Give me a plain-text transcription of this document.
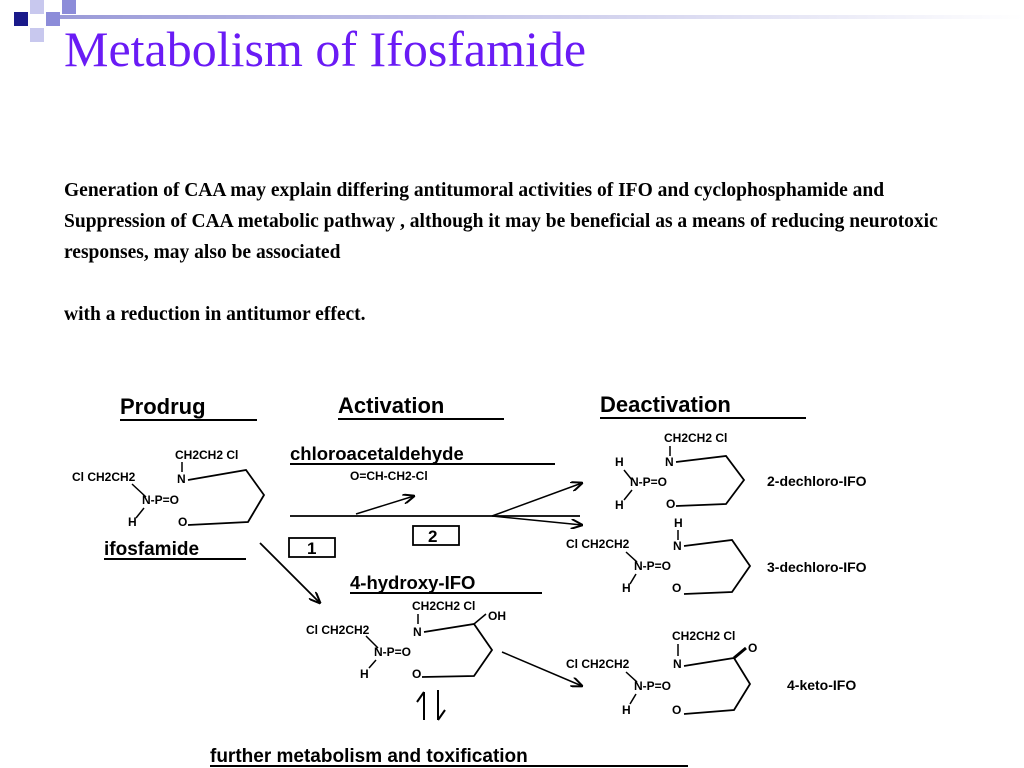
Metabolism of Ifosfamide

Generation of CAA may explain differing antitumoral activities of IFO and cyclophosphamide and Suppression of CAA metabolic pathway , although it may be beneficial as a means of reducing neurotoxic responses, may also be associated

with a reduction in antitumor effect.

Prodrug	Activation	Deactivation
CH2CH2 Cl
N
Cl CH2CH2
N-P=O
H	O
ifosfamide
chloroacetaldehyde
O=CH-CH2-Cl
1
2
4-hydroxy-IFO
CH2CH2 Cl
N
OH
Cl CH2CH2
N-P=O
H	O
further metabolism and toxification
CH2CH2 Cl
N
H
N-P=O
H	O
2-dechloro-IFO
H
N
Cl CH2CH2
N-P=O
H	O
3-dechloro-IFO
CH2CH2 Cl
N
O
Cl CH2CH2
N-P=O
H	O
4-keto-IFO
